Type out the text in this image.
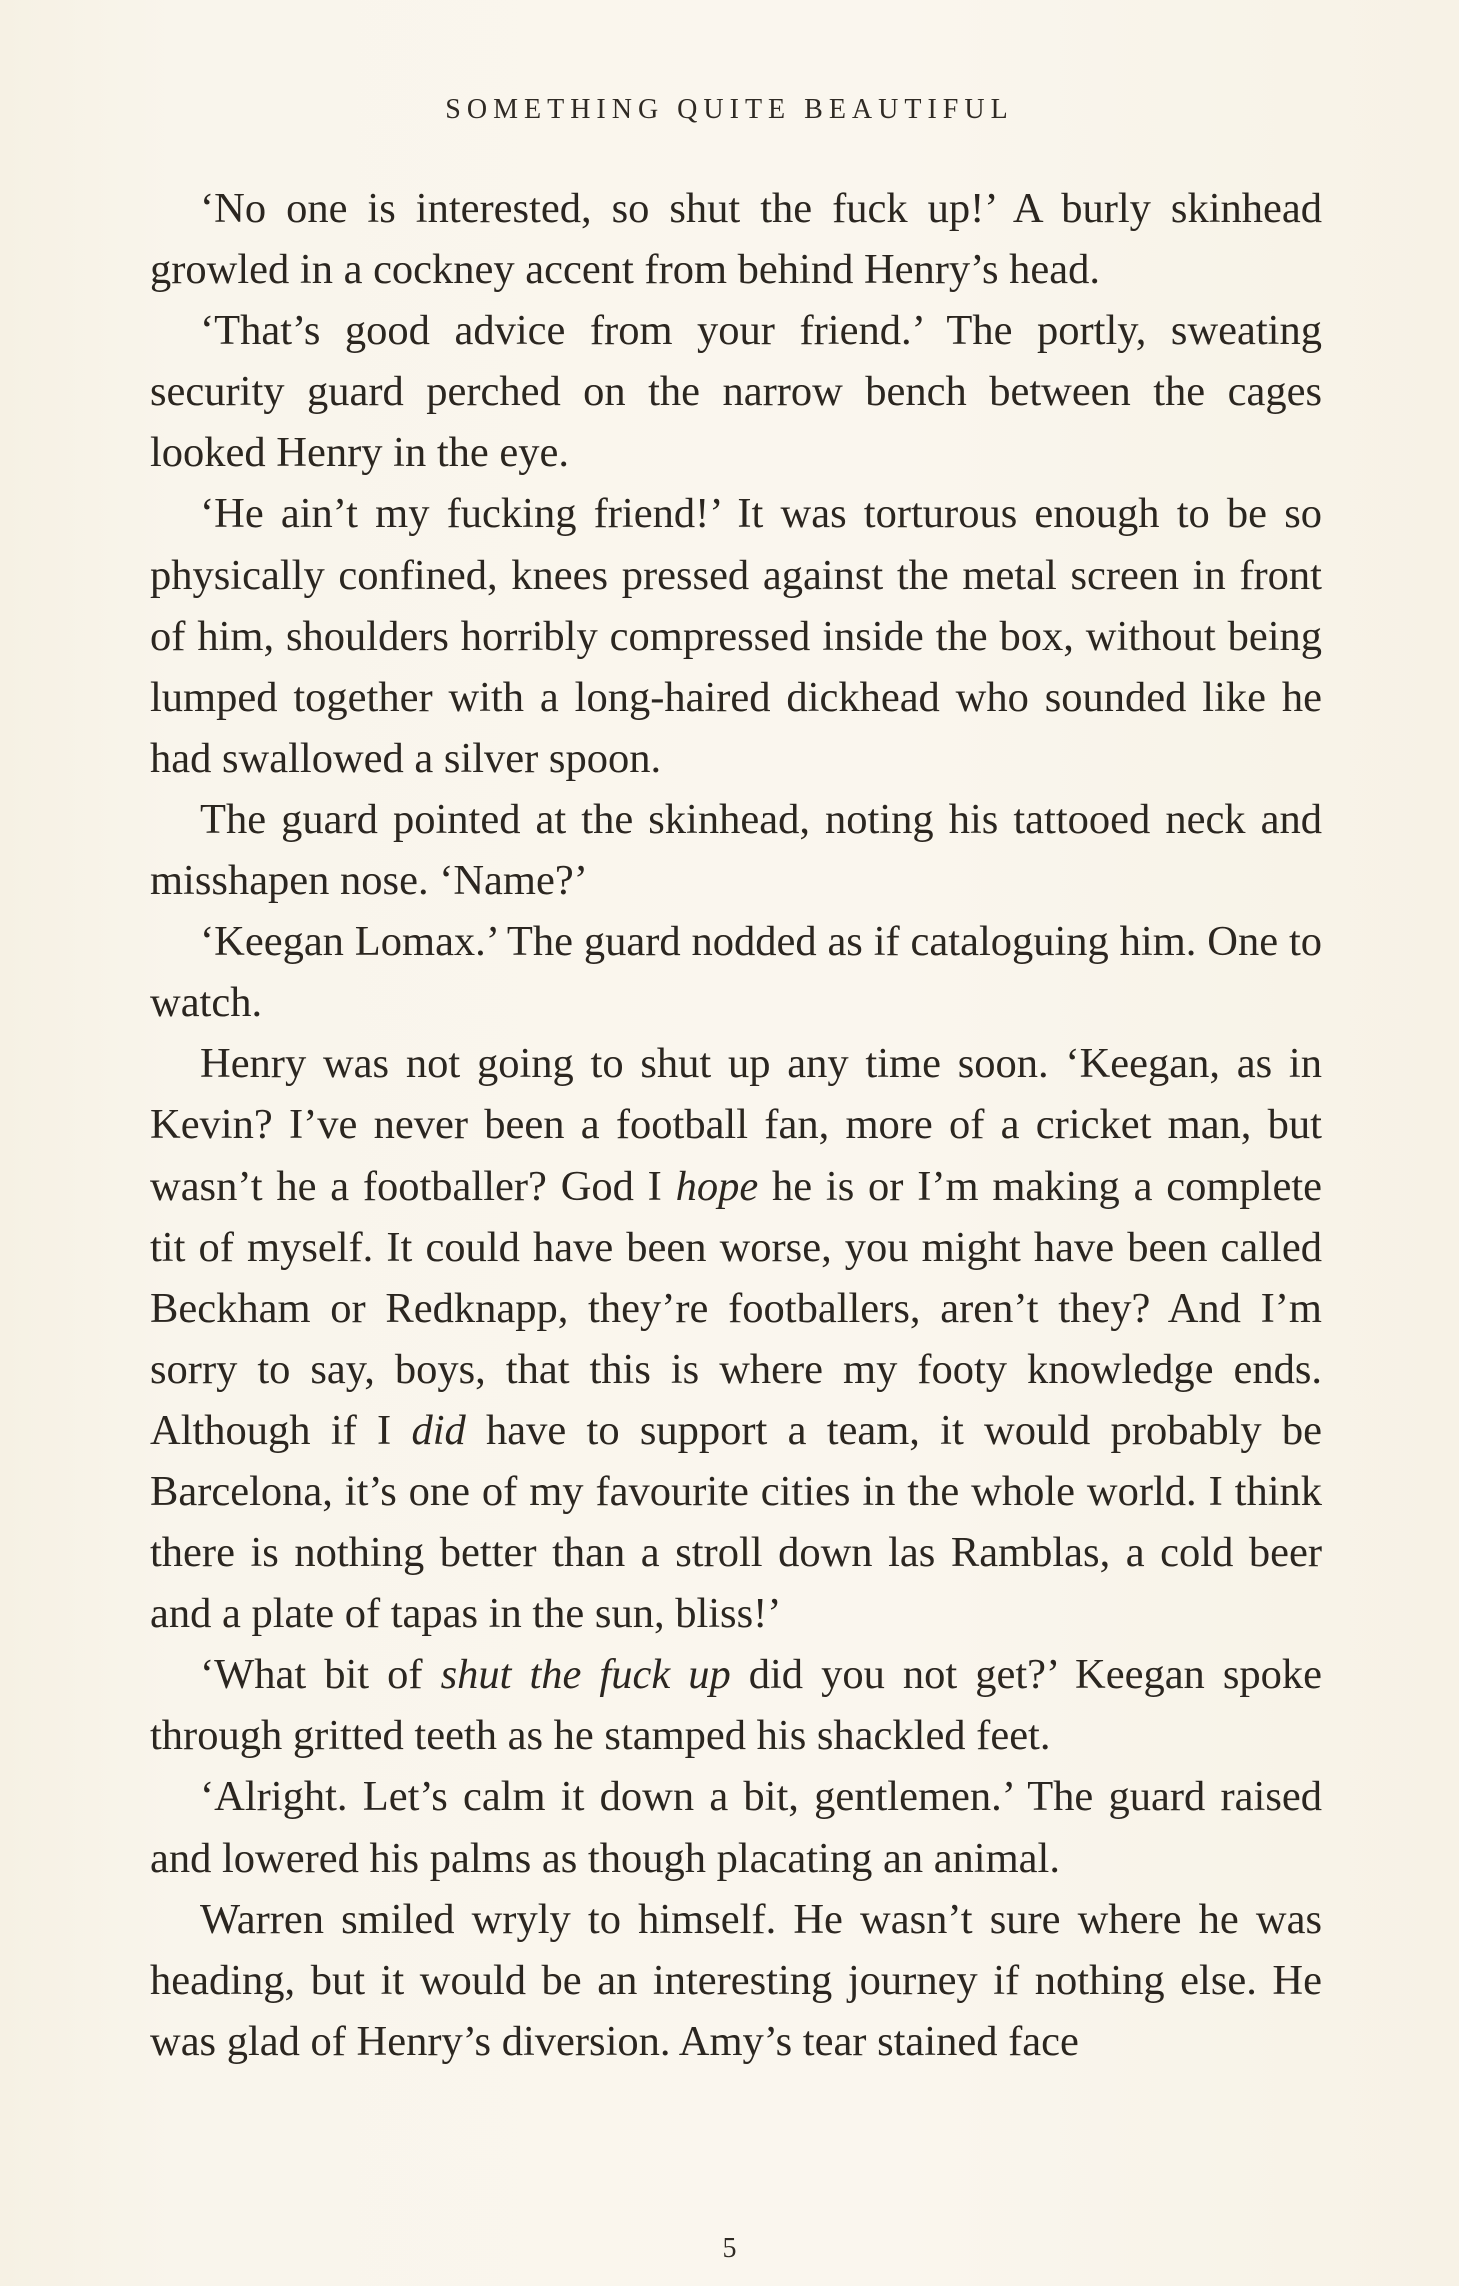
SOMETHING QUITE BEAUTIFUL

‘No one is interested, so shut the fuck up!’ A burly skinhead growled in a cockney accent from behind Henry’s head.

‘That’s good advice from your friend.’ The portly, sweating security guard perched on the narrow bench between the cages looked Henry in the eye.

‘He ain’t my fucking friend!’ It was torturous enough to be so physically confined, knees pressed against the metal screen in front of him, shoulders horribly compressed inside the box, without being lumped together with a long-haired dickhead who sounded like he had swallowed a silver spoon.

The guard pointed at the skinhead, noting his tattooed neck and misshapen nose. ‘Name?’

‘Keegan Lomax.’ The guard nodded as if cataloguing him. One to watch.

Henry was not going to shut up any time soon. ‘Keegan, as in Kevin? I’ve never been a football fan, more of a cricket man, but wasn’t he a footballer? God I hope he is or I’m making a complete tit of myself. It could have been worse, you might have been called Beckham or Redknapp, they’re footballers, aren’t they? And I’m sorry to say, boys, that this is where my footy knowledge ends. Although if I did have to support a team, it would probably be Barcelona, it’s one of my favourite cities in the whole world. I think there is nothing better than a stroll down las Ramblas, a cold beer and a plate of tapas in the sun, bliss!’

‘What bit of shut the fuck up did you not get?’ Keegan spoke through gritted teeth as he stamped his shackled feet.

‘Alright. Let’s calm it down a bit, gentlemen.’ The guard raised and lowered his palms as though placating an animal.

Warren smiled wryly to himself. He wasn’t sure where he was heading, but it would be an interesting journey if nothing else. He was glad of Henry’s diversion. Amy’s tear stained face

5
